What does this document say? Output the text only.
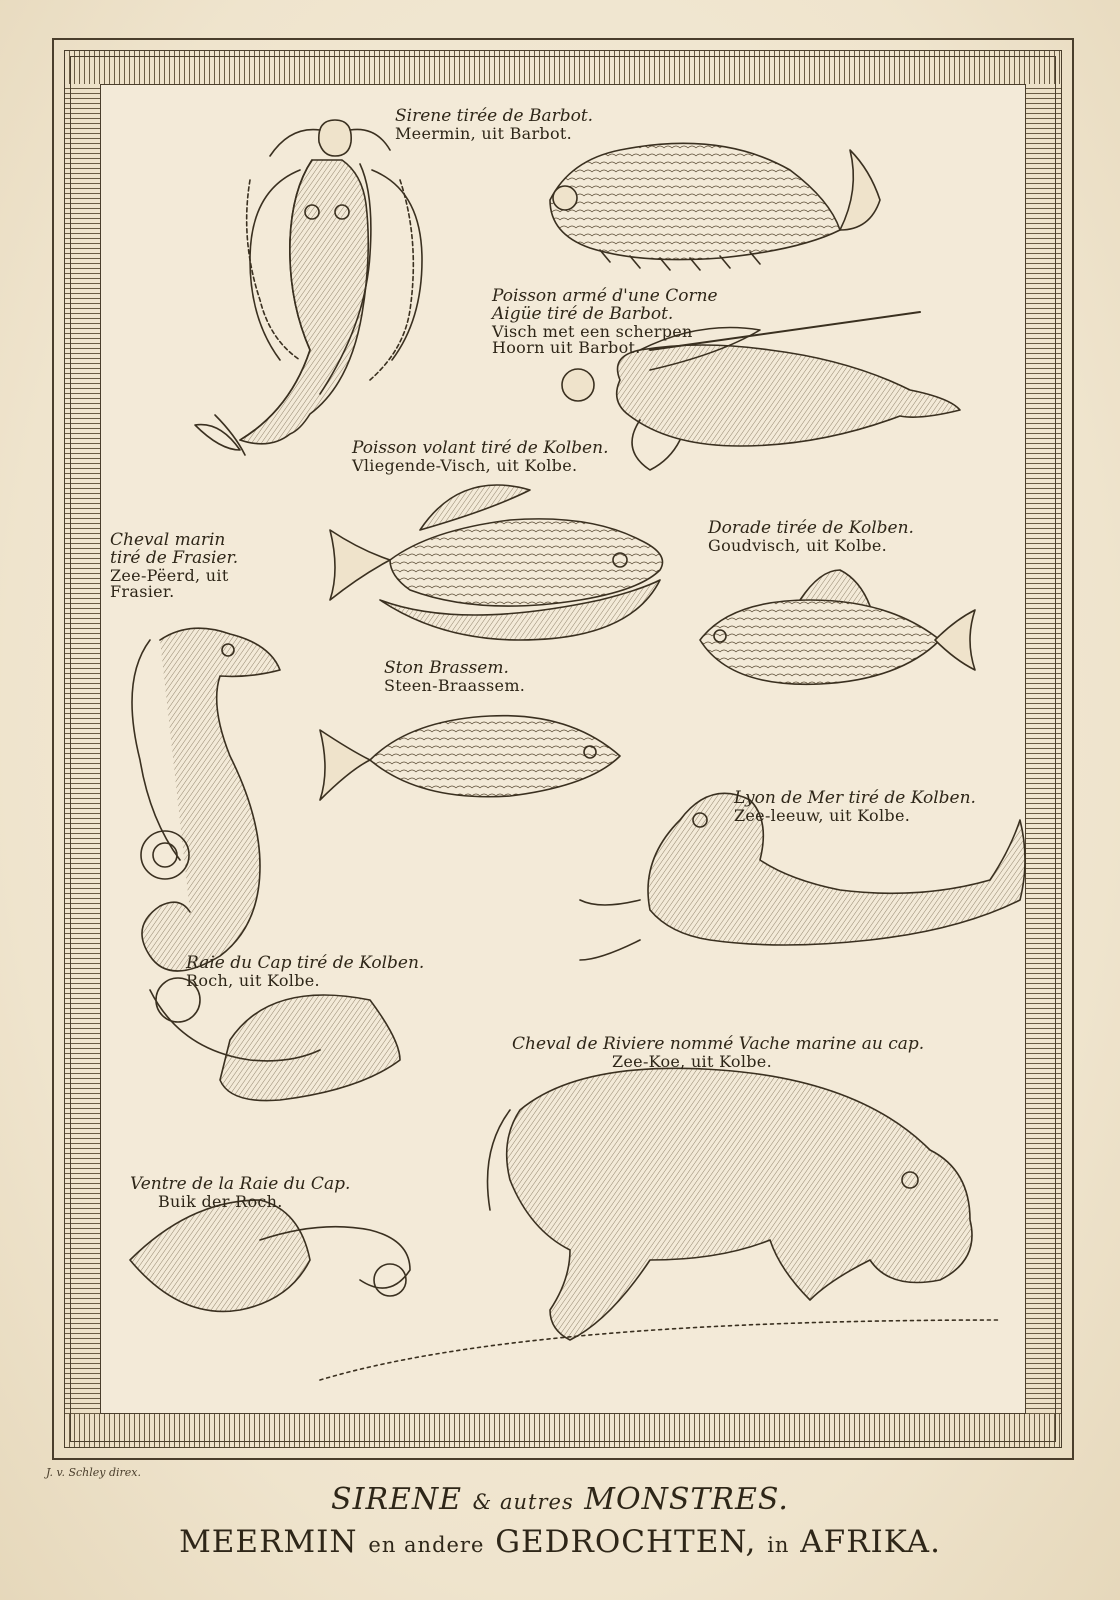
Sirene tirée de Barbot.
Meermin, uit Barbot.
Poisson armé d'une Corne
Aigüe tiré de Barbot.
Visch met een scherpen
Hoorn uit Barbot.
Poisson volant tiré de Kolben.
Vliegende-Visch, uit Kolbe.
Dorade tirée de Kolben.
Goudvisch, uit Kolbe.
Cheval marin
tiré de Frasier.
Zee-Pëerd, uit
Frasier.
Ston Brassem.
Steen-Braassem.
Lyon de Mer tiré de Kolben.
Zee-leeuw, uit Kolbe.
Raie du Cap tiré de Kolben.
Roch, uit Kolbe.
Cheval de Riviere nommé Vache marine au cap.
Zee-Koe, uit Kolbe.
Ventre de la Raie du Cap.
Buik der Roch.
J. v. Schley direx.
SIRENE & autres MONSTRES.
MEERMIN en andere GEDROCHTEN, in AFRIKA.
